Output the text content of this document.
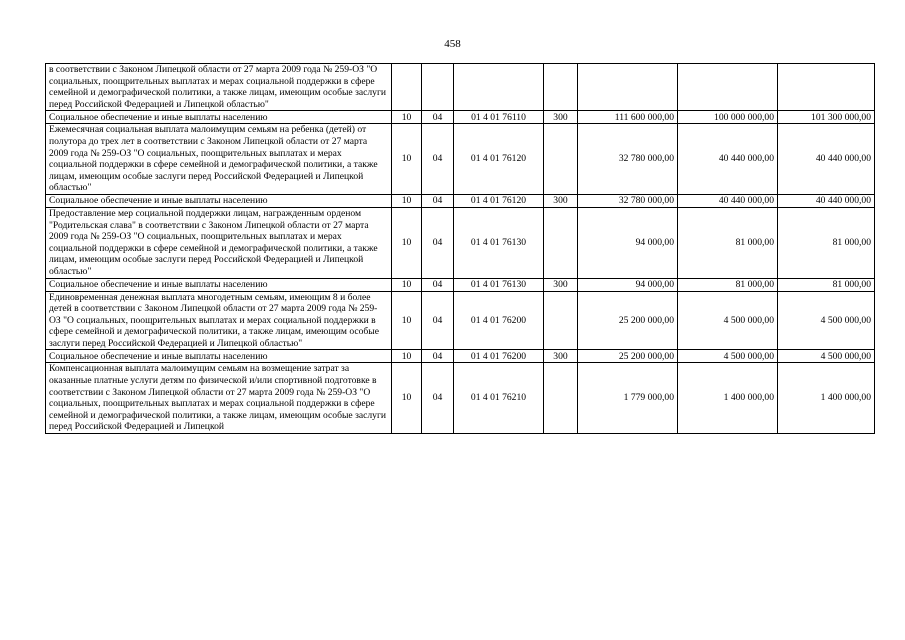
458
в соответствии с Законом Липецкой области от 27 марта 2009 года № 259-ОЗ "О социальных, поощрительных выплатах и мерах социальной поддержки в сфере семейной и демографической политики, а также лицам, имеющим особые заслуги перед Российской Федерацией и Липецкой областью"							
Социальное обеспечение и иные выплаты населению	10	04	01 4 01 76110	300	111 600 000,00	100 000 000,00	101 300 000,00
Ежемесячная социальная выплата малоимущим семьям на ребенка (детей) от полутора до трех лет в соответствии с Законом Липецкой области от 27 марта 2009 года № 259-ОЗ "О социальных, поощрительных выплатах и мерах социальной поддержки в сфере семейной и демографической политики, а также лицам, имеющим особые заслуги перед Российской Федерацией и Липецкой областью"	10	04	01 4 01 76120		32 780 000,00	40 440 000,00	40 440 000,00
Социальное обеспечение и иные выплаты населению	10	04	01 4 01 76120	300	32 780 000,00	40 440 000,00	40 440 000,00
Предоставление мер социальной поддержки лицам, награжденным орденом "Родительская слава" в соответствии с Законом Липецкой области от 27 марта 2009 года № 259-ОЗ "О социальных, поощрительных выплатах и мерах социальной поддержки в сфере семейной и демографической политики, а также лицам, имеющим особые заслуги перед Российской Федерацией и Липецкой областью"	10	04	01 4 01 76130		94 000,00	81 000,00	81 000,00
Социальное обеспечение и иные выплаты населению	10	04	01 4 01 76130	300	94 000,00	81 000,00	81 000,00
Единовременная денежная выплата многодетным семьям, имеющим 8 и более детей в соответствии с Законом Липецкой области от 27 марта 2009 года № 259-ОЗ "О социальных, поощрительных выплатах и мерах социальной поддержки в сфере семейной и демографической политики, а также лицам, имеющим особые заслуги перед Российской Федерацией и Липецкой областью"	10	04	01 4 01 76200		25 200 000,00	4 500 000,00	4 500 000,00
Социальное обеспечение и иные выплаты населению	10	04	01 4 01 76200	300	25 200 000,00	4 500 000,00	4 500 000,00
Компенсационная выплата малоимущим семьям на возмещение затрат за оказанные платные услуги детям по физической и/или спортивной подготовке в соответствии с Законом Липецкой области от 27 марта 2009 года № 259-ОЗ "О социальных, поощрительных выплатах и мерах социальной поддержки в сфере семейной и демографической политики, а также лицам, имеющим особые заслуги перед Российской Федерацией и Липецкой	10	04	01 4 01 76210		1 779 000,00	1 400 000,00	1 400 000,00
